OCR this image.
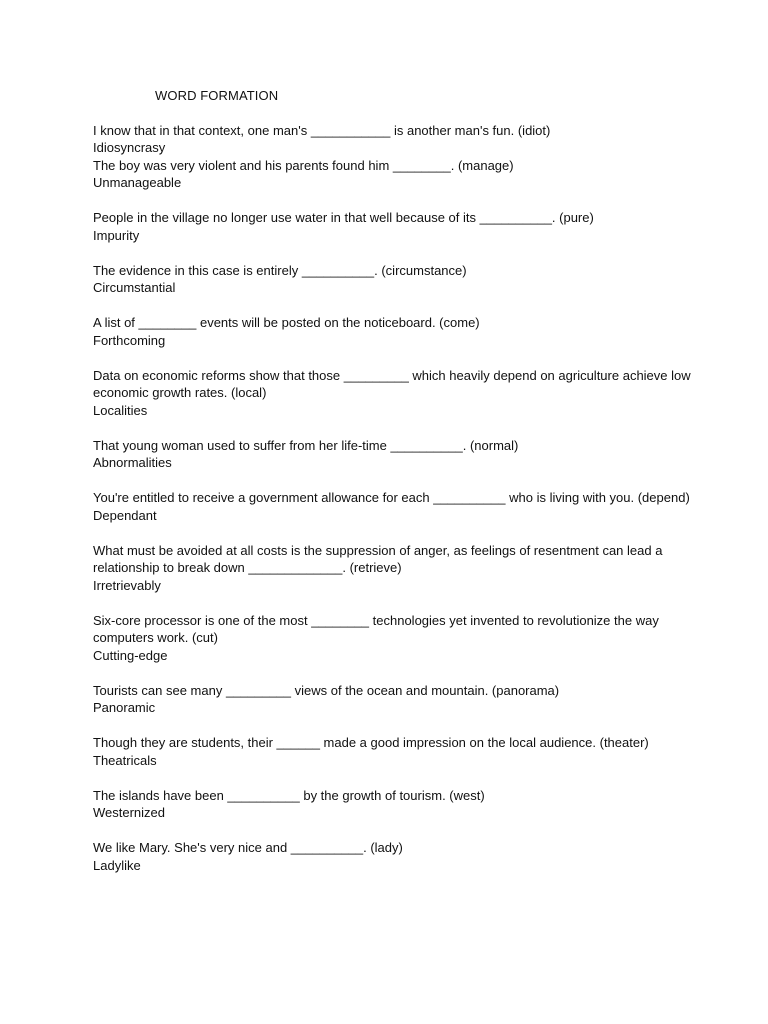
WORD FORMATION
I know that in that context, one man's ___________ is another man's fun. (idiot)
Idiosyncrasy
The boy was very violent and his parents found him ________. (manage)
Unmanageable
People in the village no longer use water in that well because of its __________. (pure)
Impurity
The evidence in this case is entirely __________. (circumstance)
Circumstantial
A list of ________ events will be posted on the noticeboard. (come)
Forthcoming
Data on economic reforms show that those _________ which heavily depend on agriculture achieve low economic growth rates. (local)
Localities
That young woman used to suffer from her life-time __________. (normal)
Abnormalities
You're entitled to receive a government allowance for each __________ who is living with you. (depend)
Dependant
What must be avoided at all costs is the suppression of anger, as feelings of resentment can lead a relationship to break down _____________. (retrieve)
Irretrievably
Six-core processor is one of the most ________ technologies yet invented to revolutionize the way computers work. (cut)
Cutting-edge
Tourists can see many _________ views of the ocean and mountain. (panorama)
Panoramic
Though they are students, their ______ made a good impression on the local audience. (theater)
Theatricals
The islands have been __________ by the growth of tourism. (west)
Westernized
We like Mary. She's very nice and __________. (lady)
Ladylike
